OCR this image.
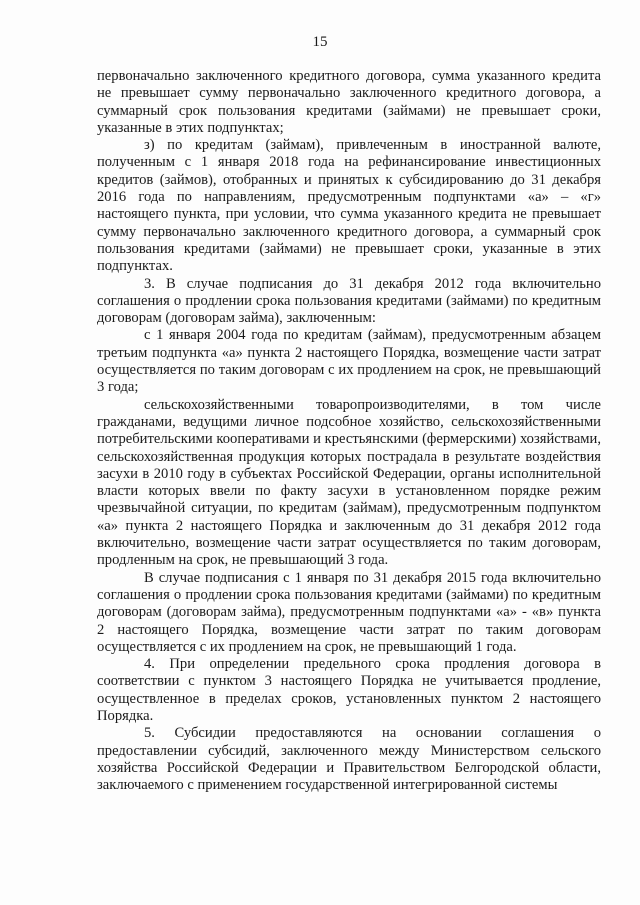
15

первоначально заключенного кредитного договора, сумма указанного кредита не превышает сумму первоначально заключенного кредитного договора, а суммарный срок пользования кредитами (займами) не превышает сроки, указанные в этих подпунктах;

з) по кредитам (займам), привлеченным в иностранной валюте, полученным с 1 января 2018 года на рефинансирование инвестиционных кредитов (займов), отобранных и принятых к субсидированию до 31 декабря 2016 года по направлениям, предусмотренным подпунктами «а» – «г» настоящего пункта, при условии, что сумма указанного кредита не превышает сумму первоначально заключенного кредитного договора, а суммарный срок пользования кредитами (займами) не превышает сроки, указанные в этих подпунктах.

3. В случае подписания до 31 декабря 2012 года включительно соглашения о продлении срока пользования кредитами (займами) по кредитным договорам (договорам займа), заключенным:

с 1 января 2004 года по кредитам (займам), предусмотренным абзацем третьим подпункта «а» пункта 2 настоящего Порядка, возмещение части затрат осуществляется по таким договорам с их продлением на срок, не превышающий 3 года;

сельскохозяйственными товаропроизводителями, в том числе гражданами, ведущими личное подсобное хозяйство, сельскохозяйственными потребительскими кооперативами и крестьянскими (фермерскими) хозяйствами, сельскохозяйственная продукция которых пострадала в результате воздействия засухи в 2010 году в субъектах Российской Федерации, органы исполнительной власти которых ввели по факту засухи в установленном порядке режим чрезвычайной ситуации, по кредитам (займам), предусмотренным подпунктом «а» пункта 2 настоящего Порядка и заключенным до 31 декабря 2012 года включительно, возмещение части затрат осуществляется по таким договорам, продленным на срок, не превышающий 3 года.

В случае подписания с 1 января по 31 декабря 2015 года включительно соглашения о продлении срока пользования кредитами (займами) по кредитным договорам (договорам займа), предусмотренным подпунктами «а» - «в» пункта 2 настоящего Порядка, возмещение части затрат по таким договорам осуществляется с их продлением на срок, не превышающий 1 года.

4. При определении предельного срока продления договора в соответствии с пунктом 3 настоящего Порядка не учитывается продление, осуществленное в пределах сроков, установленных пунктом 2 настоящего Порядка.

5. Субсидии предоставляются на основании соглашения о предоставлении субсидий, заключенного между Министерством сельского хозяйства Российской Федерации и Правительством Белгородской области, заключаемого с применением государственной интегрированной системы
